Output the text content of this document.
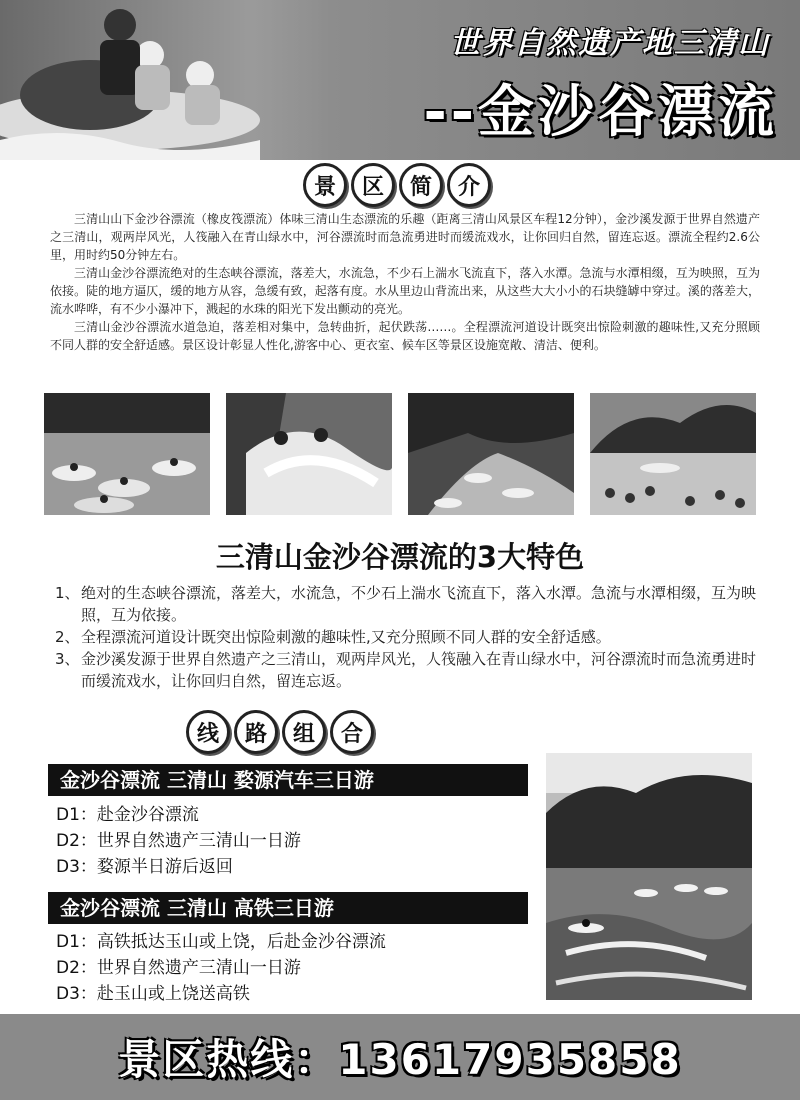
世界自然遗产地三清山
--金沙谷漂流
景	区	简	介

三清山山下金沙谷漂流（橡皮筏漂流）体味三清山生态漂流的乐趣（距离三清山风景区车程12分钟），金沙溪发源于世界自然遗产之三清山，观两岸风光，人筏融入在青山绿水中，河谷漂流时而急流勇进时而缓流戏水，让你回归自然，留连忘返。漂流全程约2.6公里，用时约50分钟左右。

三清山金沙谷漂流绝对的生态峡谷漂流，落差大，水流急，不少石上湍水飞流直下，落入水潭。急流与水潭相缀，互为映照，互为依接。陡的地方逼仄，缓的地方从容，急缓有致，起落有度。水从里边山背流出来，从这些大大小小的石块缝罅中穿过。溪的落差大，流水哗哗，有不少小瀑冲下，溅起的水珠的阳光下发出颤动的亮光。

三清山金沙谷漂流水道急迫，落差相对集中，急转曲折，起伏跌荡……。全程漂流河道设计既突出惊险刺激的趣味性,又充分照顾不同人群的安全舒适感。景区设计彰显人性化,游客中心、更衣室、候车区等景区设施宽敞、清洁、便利。

三清山金沙谷漂流的3大特色
1、 绝对的生态峡谷漂流，落差大，水流急，不少石上湍水飞流直下，落入水潭。急流与水潭相缀，互为映照，互为依接。
2、 全程漂流河道设计既突出惊险刺激的趣味性,又充分照顾不同人群的安全舒适感。
3、 金沙溪发源于世界自然遗产之三清山，观两岸风光，人筏融入在青山绿水中，河谷漂流时而急流勇进时而缓流戏水，让你回归自然，留连忘返。
线	路	组	合
金沙谷漂流 三清山 婺源汽车三日游
D1：赴金沙谷漂流
D2：世界自然遗产三清山一日游
D3：婺源半日游后返回
金沙谷漂流 三清山 高铁三日游
D1：高铁抵达玉山或上饶，后赴金沙谷漂流
D2：世界自然遗产三清山一日游
D3：赴玉山或上饶送高铁
景区热线：13617935858
